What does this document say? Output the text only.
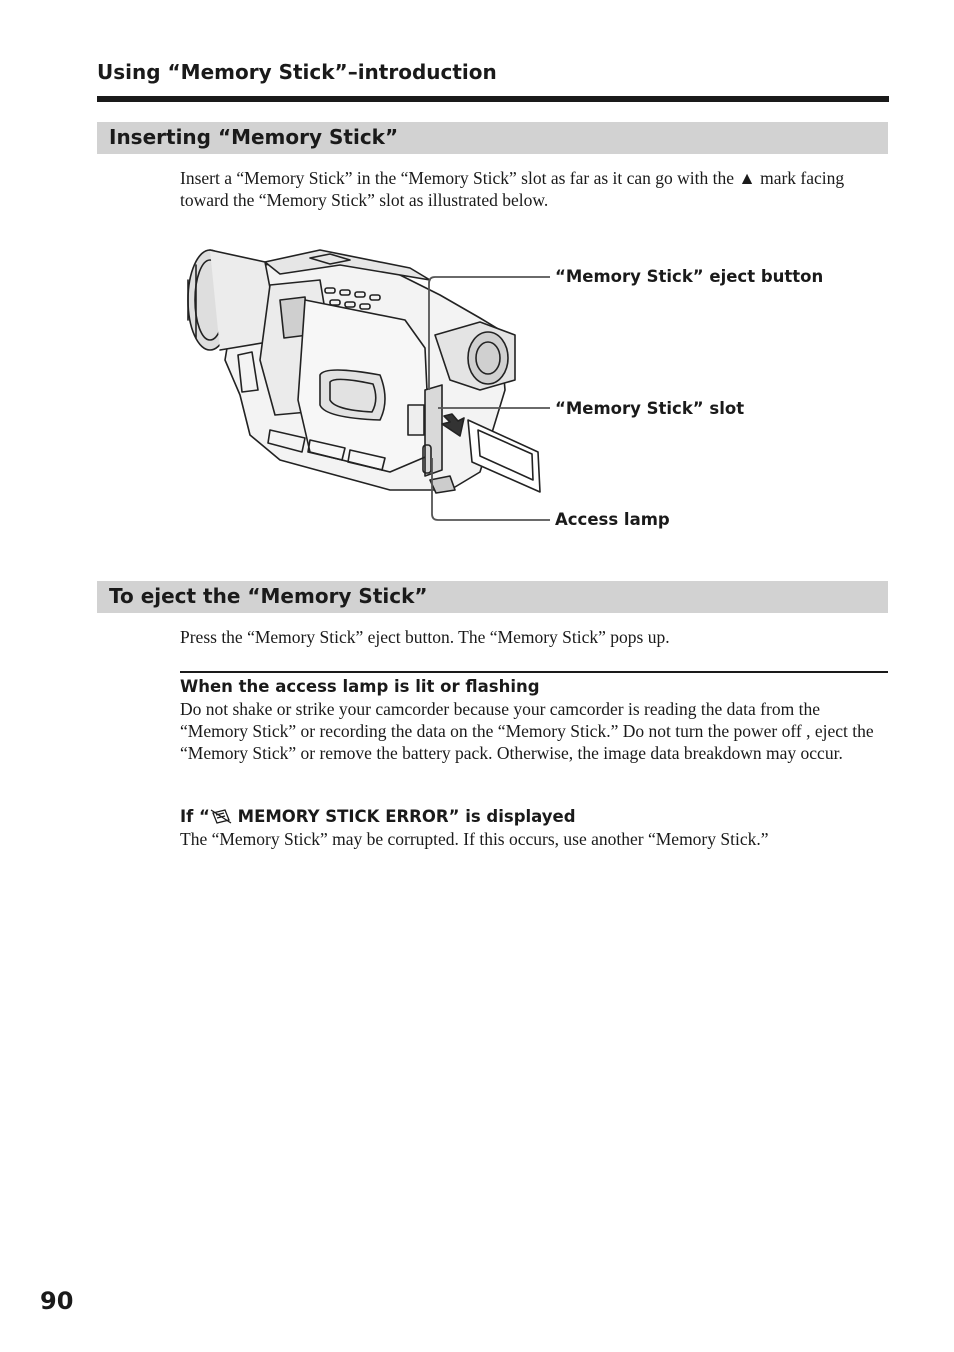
Using “Memory Stick”–introduction
Inserting “Memory Stick”
Insert a “Memory Stick” in the “Memory Stick” slot as far as it can go with the ▲ mark facing toward the “Memory Stick” slot as illustrated below.
“Memory Stick” eject button
“Memory Stick” slot
Access lamp
To eject the “Memory Stick”
Press the “Memory Stick” eject button. The “Memory Stick” pops up.
When the access lamp is lit or flashing
Do not shake or strike your camcorder because your camcorder is reading the data from the “Memory Stick” or recording the data on the “Memory Stick.” Do not turn the power off , eject the “Memory Stick” or remove the battery pack. Otherwise, the image data breakdown may occur.
If “ MEMORY STICK ERROR” is displayed
The “Memory Stick” may be corrupted. If this occurs, use another “Memory Stick.”
90
